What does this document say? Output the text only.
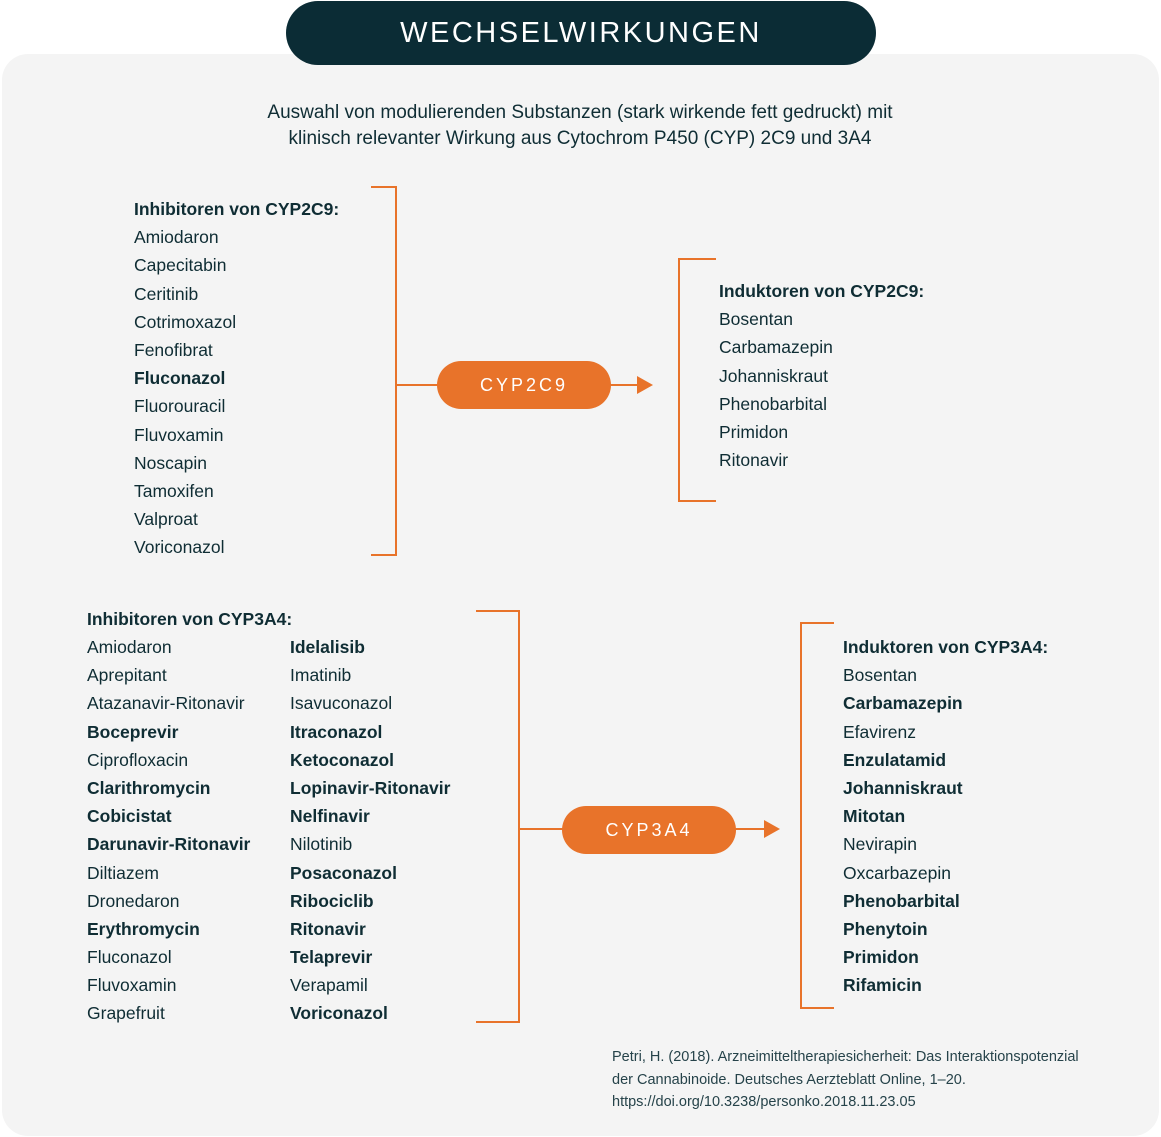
WECHSELWIRKUNGEN
Auswahl von modulierenden Substanzen (stark wirkende fett gedruckt) mit
klinisch relevanter Wirkung aus Cytochrom P450 (CYP) 2C9 und 3A4
Inhibitoren von CYP2C9:
Amiodaron
Capecitabin
Ceritinib
Cotrimoxazol
Fenofibrat
Fluconazol
Fluorouracil
Fluvoxamin
Noscapin
Tamoxifen
Valproat
Voriconazol
CYP2C9
Induktoren von CYP2C9:
Bosentan
Carbamazepin
Johanniskraut
Phenobarbital
Primidon
Ritonavir
Inhibitoren von CYP3A4:
Amiodaron
Aprepitant
Atazanavir-Ritonavir
Boceprevir
Ciprofloxacin
Clarithromycin
Cobicistat
Darunavir-Ritonavir
Diltiazem
Dronedaron
Erythromycin
Fluconazol
Fluvoxamin
Grapefruit
Idelalisib
Imatinib
Isavuconazol
Itraconazol
Ketoconazol
Lopinavir-Ritonavir
Nelfinavir
Nilotinib
Posaconazol
Ribociclib
Ritonavir
Telaprevir
Verapamil
Voriconazol
CYP3A4
Induktoren von CYP3A4:
Bosentan
Carbamazepin
Efavirenz
Enzulatamid
Johanniskraut
Mitotan
Nevirapin
Oxcarbazepin
Phenobarbital
Phenytoin
Primidon
Rifamicin
Petri, H. (2018). Arzneimitteltherapiesicherheit: Das Interaktionspotenzial
der Cannabinoide. Deutsches Aerzteblatt Online, 1–20.
https://doi.org/10.3238/personko.2018.11.23.05
